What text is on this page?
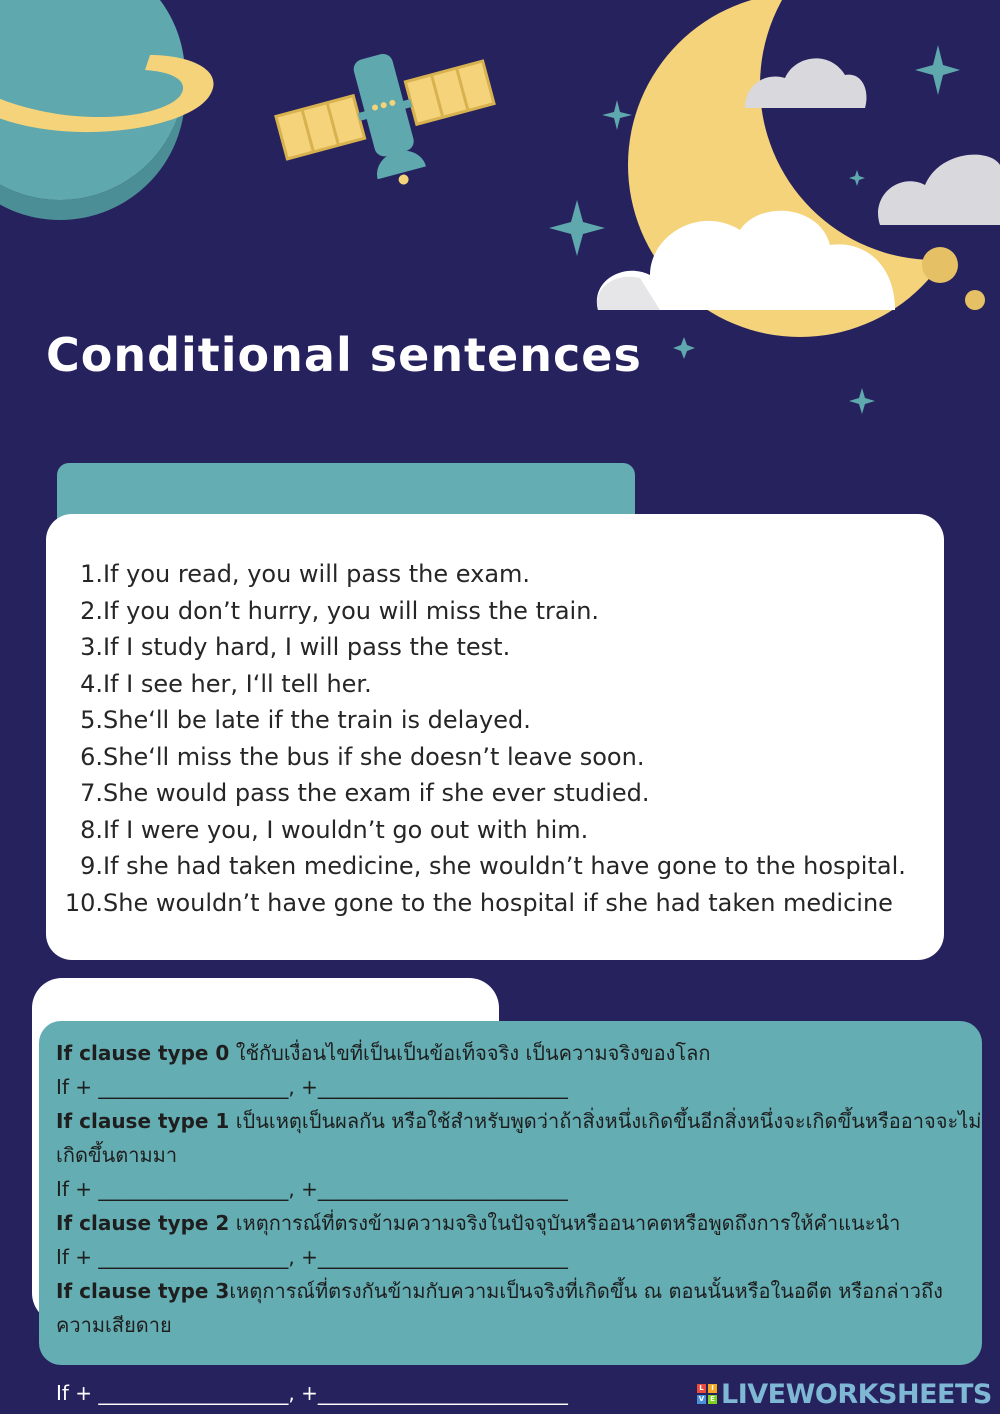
Conditional sentences
1. If you read, you will pass the exam.
2. If you don’t hurry, you will miss the train.
3. If I study hard, I will pass the test.
4. If I see her, I‘ll tell her.
5. She‘ll be late if the train is delayed.
6. She‘ll miss the bus if she doesn’t leave soon.
7. She would pass the exam if she ever studied.
8. If I were you, I wouldn’t go out with him.
9. If she had taken medicine, she wouldn’t have gone to the hospital.
10. She wouldn’t have gone to the hospital if she had taken medicine
If clause type 0 ใช้กับเงื่อนไขที่เป็นเป็นข้อเท็จจริง เป็นความจริงของโลก
If + ___________________, +_________________________
If clause type 1 เป็นเหตุเป็นผลกัน หรือใช้สำหรับพูดว่าถ้าสิ่งหนึ่งเกิดขึ้นอีกสิ่งหนึ่งจะเกิดขึ้นหรืออาจจะไม่
เกิดขึ้นตามมา
If + ___________________, +_________________________
If clause type 2 เหตุการณ์ที่ตรงข้ามความจริงในปัจจุบันหรืออนาคตหรือพูดถึงการให้คำแนะนำ
If + ___________________, +_________________________
If clause type 3เหตุการณ์ที่ตรงกันข้ามกับความเป็นจริงที่เกิดขึ้น ณ ตอนนั้นหรือในอดีต หรือกล่าวถึง
ความเสียดาย
If + ___________________, +_________________________	L	I
V E LIVEWORKSHEETS
